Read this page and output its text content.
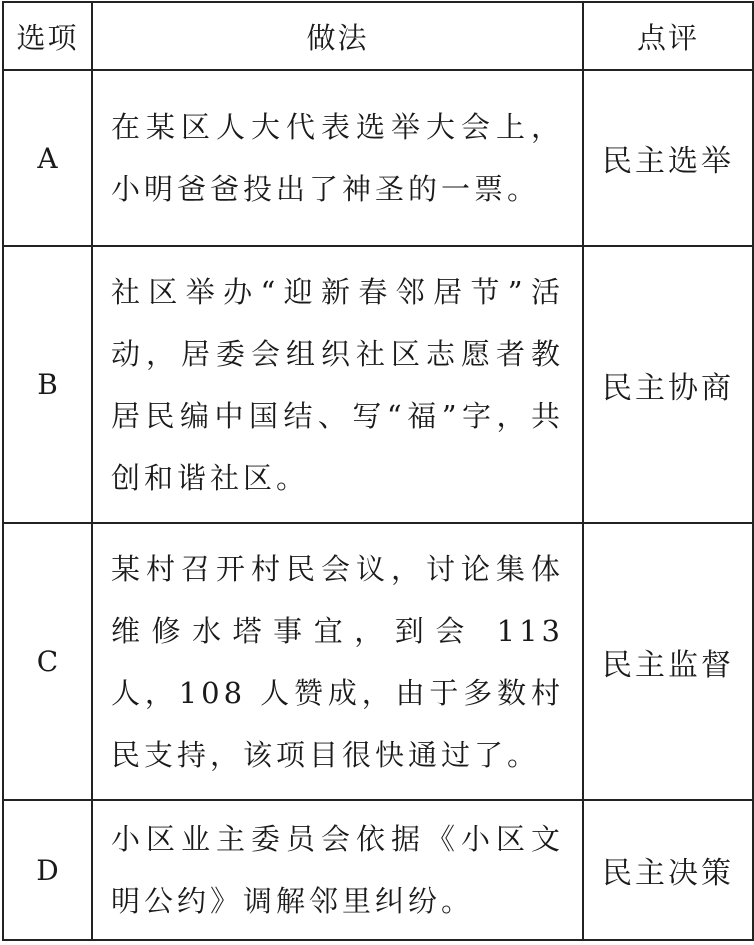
选项	做法	点评
A	在某区人大代表选举大会上，小明爸爸投出了神圣的一票。	民主选举
B	社区举办“迎新春邻居节”活动，居委会组织社区志愿者教居民编中国结、写“福”字，共创和谐社区。	民主协商
C	某村召开村民会议，讨论集体维修水塔事宜，到会 113 人，108 人赞成，由于多数村民支持，该项目很快通过了。	民主监督
D	小区业主委员会依据《小区文明公约》调解邻里纠纷。	民主决策
